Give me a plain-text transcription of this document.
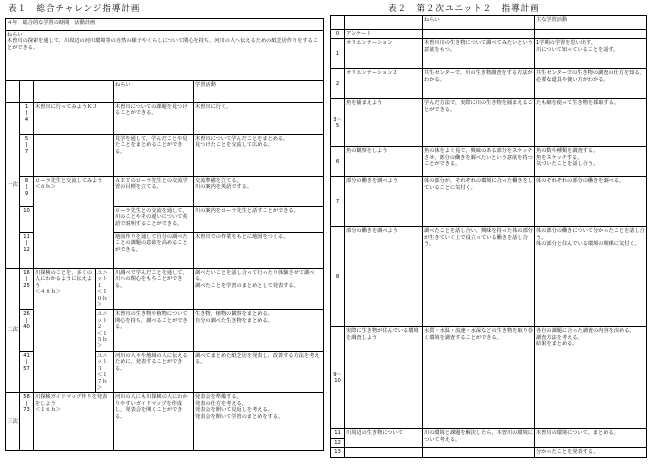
表１　総合チャレンジ指導計画	表２　第２次ユニット２　指導計画
４年　総合的な学習の時間　活動計画					

ねらい
木曽川の探索を通して，川周辺の河川環境等の自然の様子やくらしについて関心を持ち，河川の人へ伝えるための紙芝居作りをすることができる。					

				ねらい	学習活動
一次	1
|
4	木曽川に行ってみようＫＪ		木曽川についての課題を見つけることができる。	木曽川に行く。
	5
|
7			見学を通して，学んだことや見たことをまとめることができる。	木曽川について学んだことをまとめる。
見つけたことを交流して広める。
	8
|
9	ローラ先生と交流してみよう
＜６ｈ＞		ＡＥＴのローラ先生との交流学習の目標を立てる。	交流準備を立てる。
川の案内を英語でする。
	10			ローラ先生との交流を通して，川のことやその違いについて英語で説明することができる。	川の案内をローラ先生と話すことができる。
	11
|
12			地図作りを通して自分の調べたことの課題の意欲を高めることができる。	木曽川での作業をもとに地図をつくる。
二次	16
|
25	川探検のことを，多くの人にわかるように伝えよう
＜４８ｈ＞	ユニット
１
＜１０ｈ＞	川調べで学んだことを通して，川への関心をもちことができる。	調べたいことを話し合って行ったり体験させて調べる。
調べたことを学習のまとめとして発表する。
	26
|
40		ユニット
２
＜１５ｈ＞	木曽川の生き物や植物について関心を持ち，調べることができる。	生き物，植物の観察をまとめる。
自分の調べた生き物をまとめる。
	41
|
57		ユニット
３
＜１７ｈ＞	河川の人々や地域の人に伝えるために，発表することができる。	調べてまとめた紙芝居を発表し，改善する方法を考える。
三次	58
|
73	川探検ガイドマップ作りを発表をしよう
＜１６ｈ＞		河川の人にも川探検の人にわかりやすいガイドマップを作成し，発表会を開くことができる。	発表会を準備する。
発表の仕方を考える。
発表会を開いて見返しを考える。
発表会を開いて学習のまとめをする。
		ねらい	主な学習活動
0	アンケート		
1	オリエンテーション	木曽川川の生き物について調べてみたいという意欲をもつ。	1学期の学習を思い出す。
川について知っていることを話す。
2	オリエンテーション２	共生センターで，川の生き物調査をする方法がわかる。	共生センターでの生き物の調査の仕方を知る。
必要な道具や使い方がわかる。
3〜5	魚を捕まえよう	学んだ方法で，実際に川の生き物を捕まえることができる。	たも網を使って生き物を採取する。
6	魚の観察をしよう	魚の体をよく見て，興味のある部分をスケッチさせ，部分の働きを調べたいという意欲を持つことができる。	魚の数や種類を調査する。
魚をスケッチする。
気づいたことを話し合う。
7	部分の働きを調べよう	体の部分が，それぞれの環境に合った働きをしていることに気付く。	体のそれぞれの部分の働きを調べる。
8	部分の働きを調べよう	調べたことを話し合い，興味を持った体の部分が生きていく上で役立っている働きを話し合う。	体の部分の働きについて分かったことを話し合う。
体の部分と住んでいる環境の関係に気付く。
9〜10	実際に生き物が住んでいる環境を調査しよう	水質・水温・流速・水深などの生き物を取り巻く環境を調査することができる。	各自の課題に合った調査の内容を決める。
調査方法を考える。
結果をまとめる。
11	川周辺の生き物について	川の環境と課題を解決したら，木曽川の環境について考える。	木曽川の環境について，まとめる。
12			
13			分かったことを発表する。
